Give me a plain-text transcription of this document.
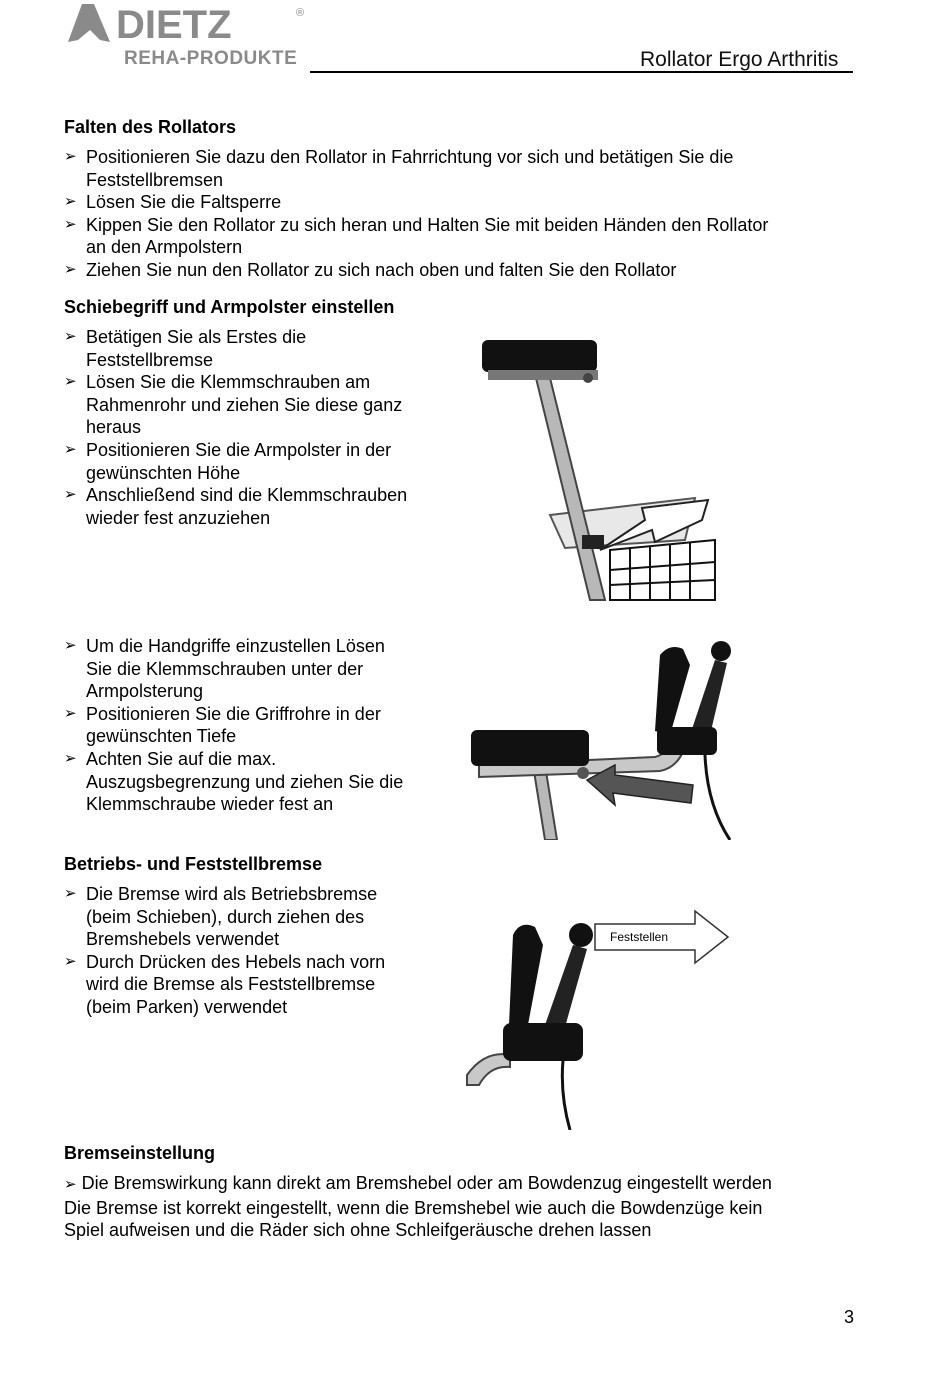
DIETZ	®
REHA-PRODUKTE	Rollator Ergo Arthritis
Falten des Rollators
➢ Positionieren Sie dazu den Rollator in Fahrrichtung vor sich und betätigen Sie die
Feststellbremsen
➢ Lösen Sie die Faltsperre
➢ Kippen Sie den Rollator zu sich heran und Halten Sie mit beiden Händen den Rollator
an den Armpolstern
➢ Ziehen Sie nun den Rollator zu sich nach oben und falten Sie den Rollator
Schiebegriff und Armpolster einstellen
➢ Betätigen Sie als Erstes die
Feststellbremse
➢ Lösen Sie die Klemmschrauben am
Rahmenrohr und ziehen Sie diese ganz
heraus
➢ Positionieren Sie die Armpolster in der
gewünschten Höhe
➢ Anschließend sind die Klemmschrauben
wieder fest anzuziehen
➢ Um die Handgriffe einzustellen Lösen
Sie die Klemmschrauben unter der
Armpolsterung
➢ Positionieren Sie die Griffrohre in der
gewünschten Tiefe
➢ Achten Sie auf die max.
Auszugsbegrenzung und ziehen Sie die
Klemmschraube wieder fest an
Betriebs- und Feststellbremse
➢ Die Bremse wird als Betriebsbremse
(beim Schieben), durch ziehen des
Bremshebels verwendet
➢ Durch Drücken des Hebels nach vorn
wird die Bremse als Feststellbremse
(beim Parken) verwendet
Feststellen
Bremseinstellung
➢ Die Bremswirkung kann direkt am Bremshebel oder am Bowdenzug eingestellt werden
Die Bremse ist korrekt eingestellt, wenn die Bremshebel wie auch die Bowdenzüge kein
Spiel aufweisen und die Räder sich ohne Schleifgeräusche drehen lassen
3
